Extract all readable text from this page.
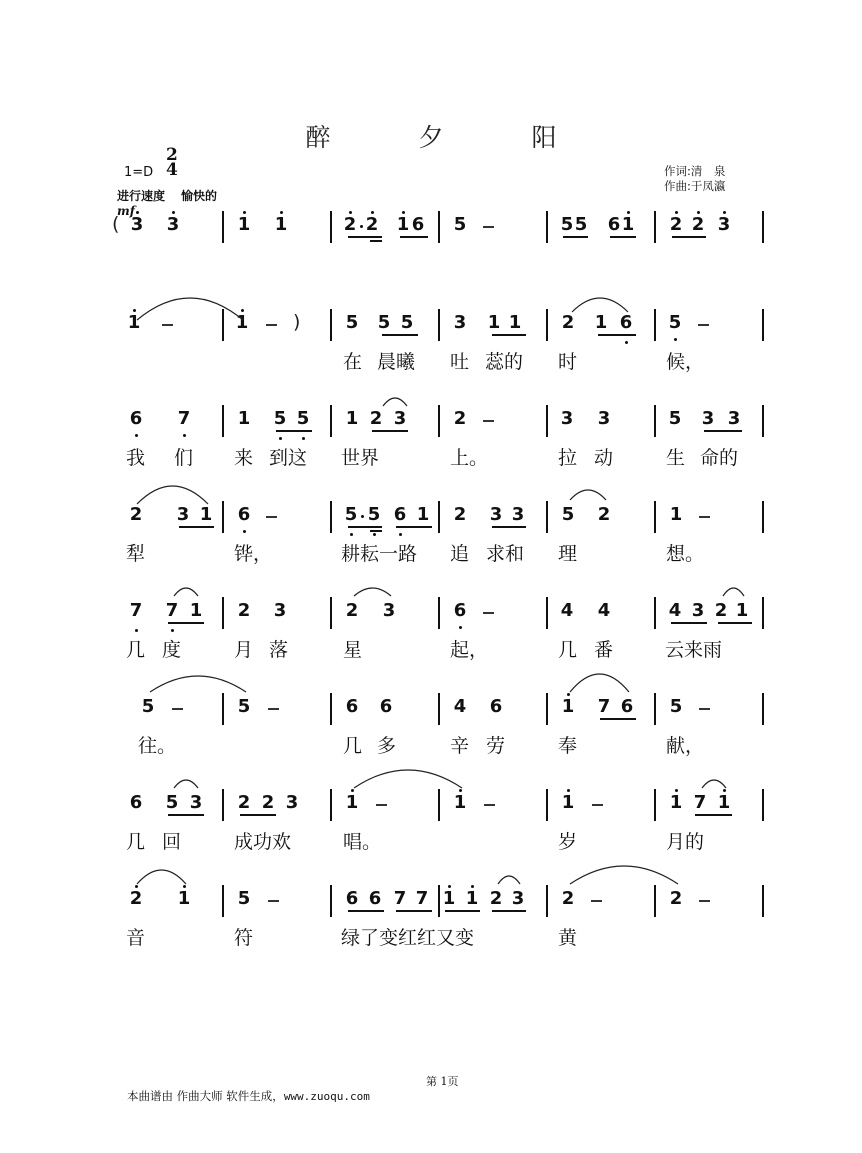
醉 夕 阳
1=D
2
4
进行速度 愉快的
作词:清　泉
作曲:于凤瀛
mf
( 3 3	1 1	2 2 1 6 5	5 5 6 1 2 2 3
1	1 )	5 5 5
在 晨曦
3 1 1
吐 蕊的
2 1 6
时
5
候，
6 7
我 们
1 5 5
来 到这
1 2 3
世界
2
上。
3 3
拉 动
5 3 3
生 命的
2 3 1
犁
6
铧，
5 5 6 1
耕耘一路
2 3 3
追 求和
5 2
理
1
想。
7 7 1
几 度
2 3
月 落
2 3
星
6
起，
4 4
几 番
4 3 2 1
云来雨
5
往。
5	6 6
几 多
4 6
辛 劳
1 7 6
奉
5
献，
6 5 3
几 回
2 2 3
成功欢
1
唱。
1	1
岁
1 7 1
月的
2 1
音
5
符
6 6 7 7
绿了变红红又变
1 1 2 3 2
黄
2
第 1页
本曲谱由 作曲大师 软件生成，www.zuoqu.com
